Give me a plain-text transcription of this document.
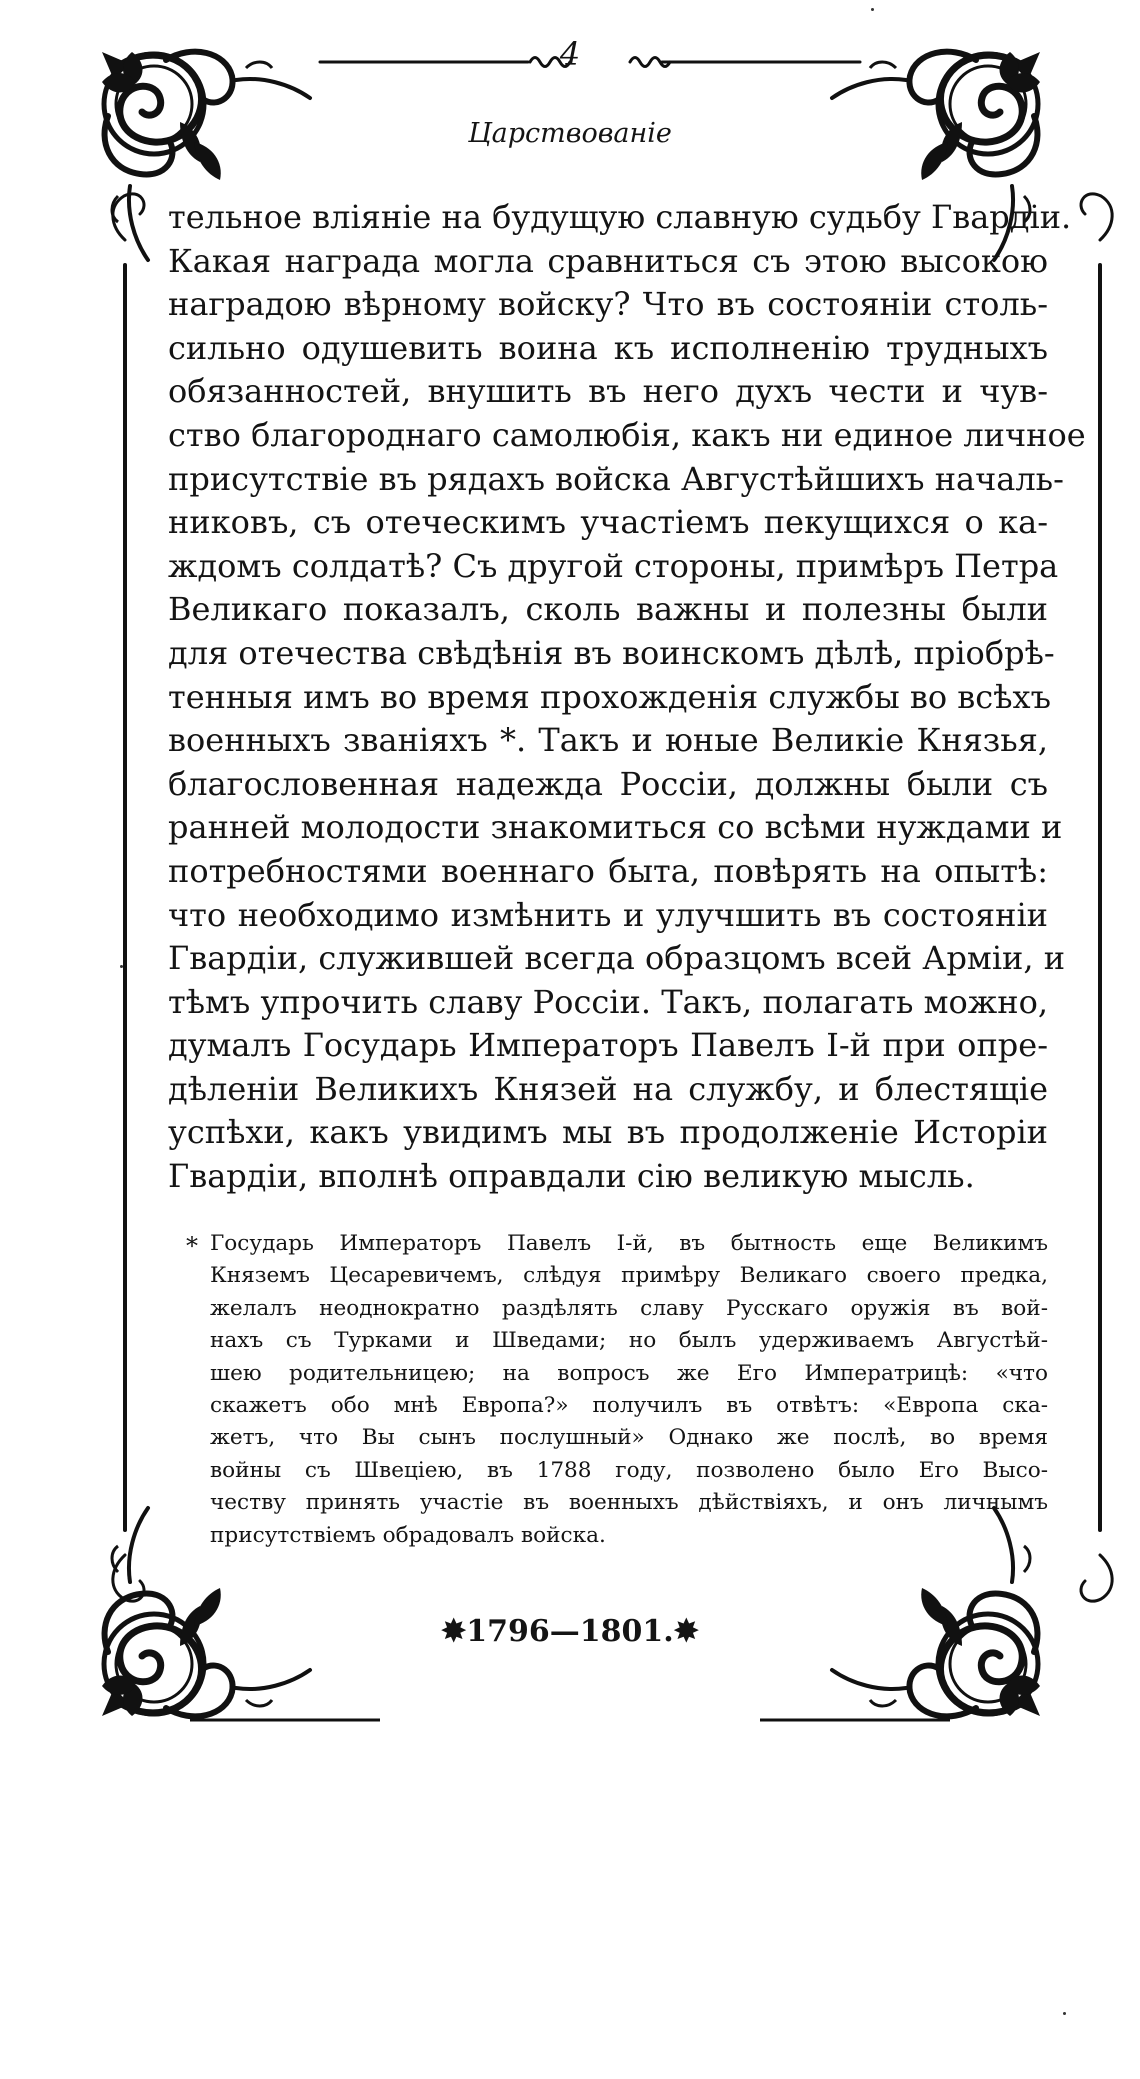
4
Царствованіе
тельное вліяніе на будущую славную судьбу Гвардіи.
Какая награда могла сравниться съ этою высокою
наградою вѣрному войску? Что въ состояніи столь-
сильно одушевить воина къ исполненію трудныхъ
обязанностей, внушить въ него духъ чести и чув-
ство благороднаго самолюбія, какъ ни единое личное
присутствіе въ рядахъ войска Августѣйшихъ началь-
никовъ, съ отеческимъ участіемъ пекущихся о ка-
ждомъ солдатѣ? Съ другой стороны, примѣръ Петра
Великаго показалъ, сколь важны и полезны были
для отечества свѣдѣнія въ воинскомъ дѣлѣ, пріобрѣ-
тенныя имъ во время прохожденія службы во всѣхъ
военныхъ званіяхъ *. Такъ и юные Великіе Князья,
благословенная надежда Россіи, должны были съ
ранней молодости знакомиться со всѣми нуждами и
потребностями военнаго быта, повѣрять на опытѣ:
что необходимо измѣнить и улучшить въ состояніи
Гвардіи, служившей всегда образцомъ всей Арміи, и
тѣмъ упрочить славу Россіи. Такъ, полагать можно,
думалъ Государь Императоръ Павелъ І-й при опре-
дѣленіи Великихъ Князей на службу, и блестящіе
успѣхи, какъ увидимъ мы въ продолженіе Исторіи
Гвардіи, вполнѣ оправдали сію великую мысль.
* Государь Императоръ Павелъ І-й, въ бытность еще Великимъ
Княземъ Цесаревичемъ, слѣдуя примѣру Великаго своего предка,
желалъ неоднократно раздѣлять славу Русскаго оружія въ вой-
нахъ съ Турками и Шведами; но былъ удерживаемъ Августѣй-
шею родительницею; на вопросъ же Его Императрицѣ: «что
скажетъ обо мнѣ Европа?» получилъ въ отвѣтъ: «Европа ска-
жетъ, что Вы сынъ послушный» Однако же послѣ, во время
войны съ Швеціею, въ 1788 году, позволено было Его Высо-
честву принять участіе въ военныхъ дѣйствіяхъ, и онъ личнымъ
присутствіемъ обрадовалъ войска.
✸1796—1801.✸
